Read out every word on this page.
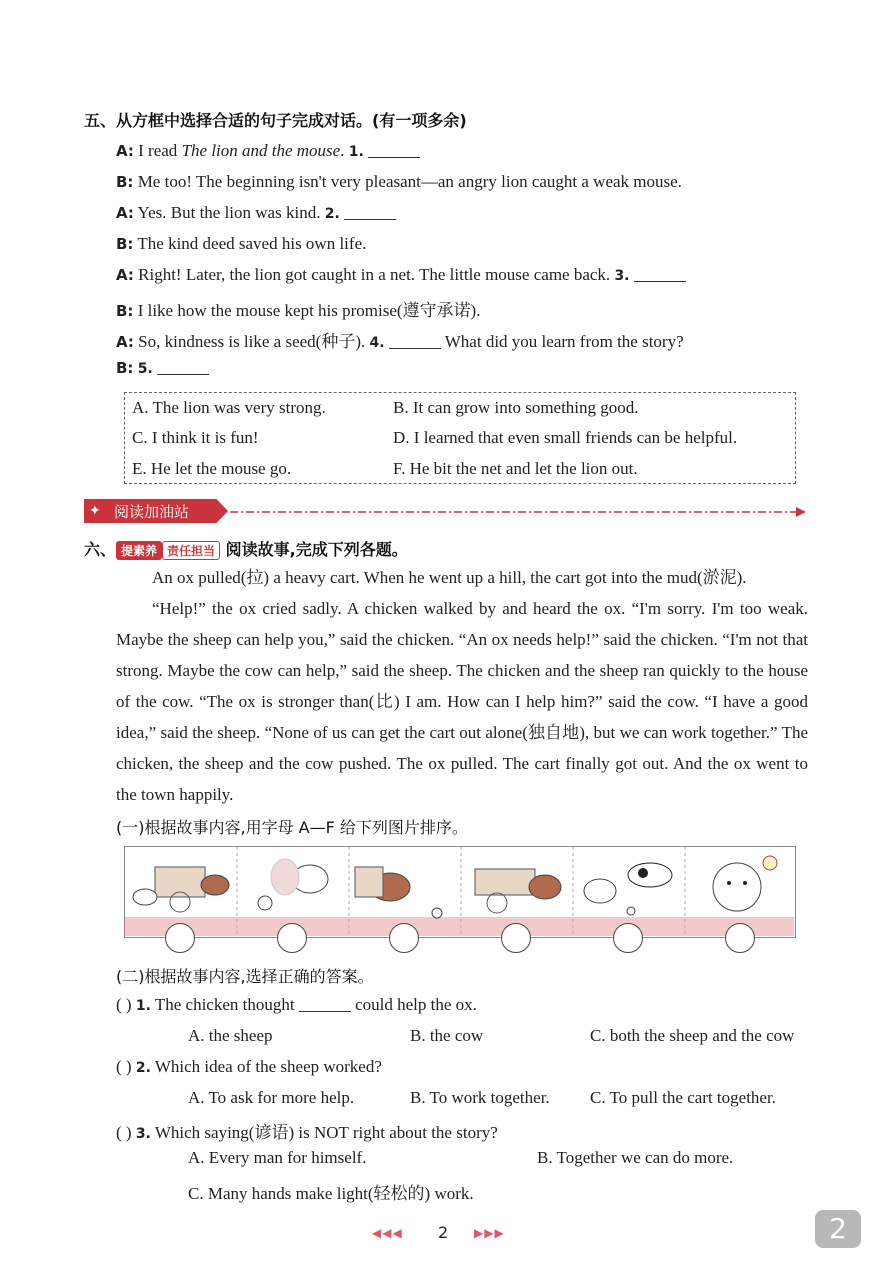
五、从方框中选择合适的句子完成对话。(有一项多余)
A: I read The lion and the mouse. 1.
B: Me too! The beginning isn't very pleasant—an angry lion caught a weak mouse.
A: Yes. But the lion was kind. 2.
B: The kind deed saved his own life.
A: Right! Later, the lion got caught in a net. The little mouse came back. 3.
B: I like how the mouse kept his promise(遵守承诺).
A: So, kindness is like a seed(种子). 4.	What did you learn from the story?
B: 5.
A. The lion was very strong.	B. It can grow into something good.
C. I think it is fun!	D. I learned that even small friends can be helpful.
E. He let the mouse go.	F. He bit the net and let the lion out.
✦ 阅读加油站
六、 提素养 责任担当 阅读故事,完成下列各题。

An ox pulled(拉) a heavy cart. When he went up a hill, the cart got into the mud(淤泥).

“Help!” the ox cried sadly. A chicken walked by and heard the ox. “I'm sorry. I'm too weak. Maybe the sheep can help you,” said the chicken. “An ox needs help!” said the chicken. “I'm not that strong. Maybe the cow can help,” said the sheep. The chicken and the sheep ran quickly to the house of the cow. “The ox is stronger than(比) I am. How can I help him?” said the cow. “I have a good idea,” said the sheep. “None of us can get the cart out alone(独自地), but we can work together.” The chicken, the sheep and the cow pushed. The ox pulled. The cart finally got out. And the ox went to the town happily.

(一)根据故事内容,用字母 A—F 给下列图片排序。
(二)根据故事内容,选择正确的答案。
( ) 1. The chicken thought	could help the ox.
A. the sheep	B. the cow	C. both the sheep and the cow
( ) 2. Which idea of the sheep worked?
A. To ask for more help.	B. To work together. C. To pull the cart together.
( ) 3. Which saying(谚语) is NOT right about the story?
A. Every man for himself.	B. Together we can do more.
C. Many hands make light(轻松的) work.
◀◀◀ 2 ▶▶▶	2
